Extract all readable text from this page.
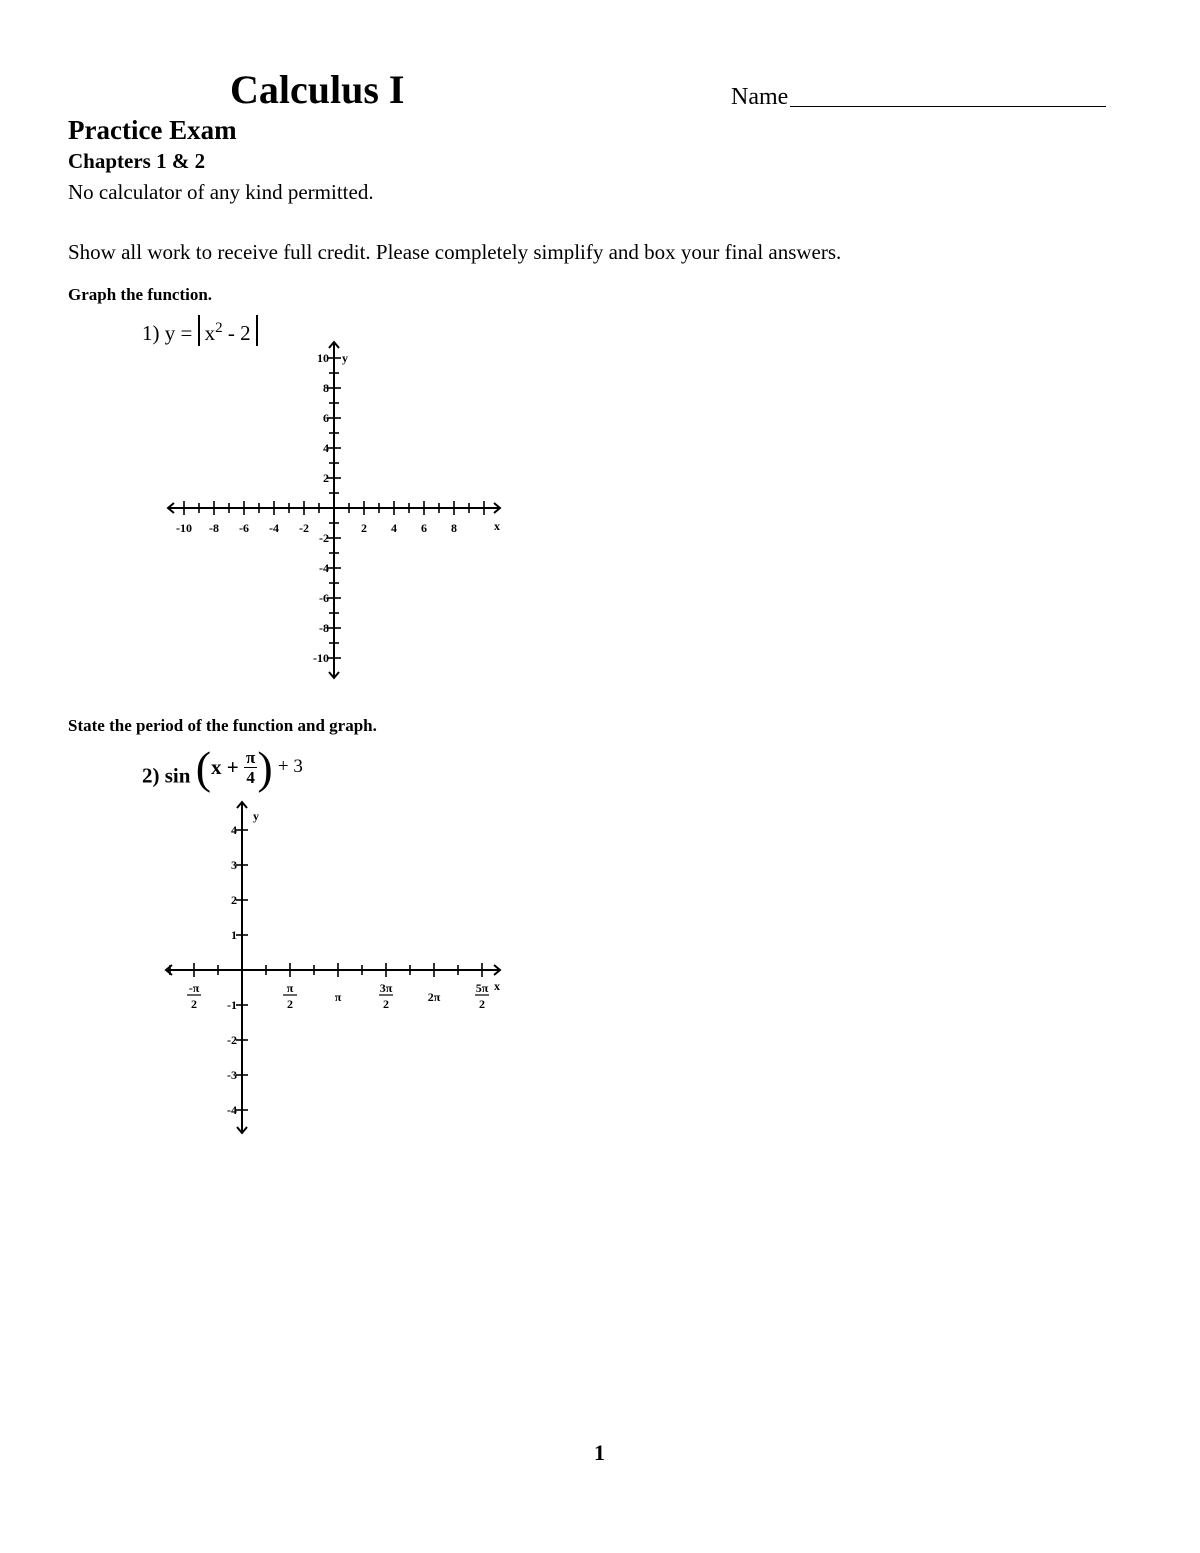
Calculus I	Name
Practice Exam
Chapters 1 & 2
No calculator of any kind permitted.
Show all work to receive full credit. Please completely simplify and box your final answers.
Graph the function.
1) $y = x^2 - 2$
-10 -8 -6 -4 -2	2 4 6 8
10
8
6
4
2
-2
-4
-6
-8
-10
x
y
-π
2
π
2	π
3π
2	2π
5π
2
4
3
2
1
-1
-2
-3
-4
x
y
State the period of the function and graph.
2) $\sin (x + \frac{\pi}{4}$ ) + 3
1
